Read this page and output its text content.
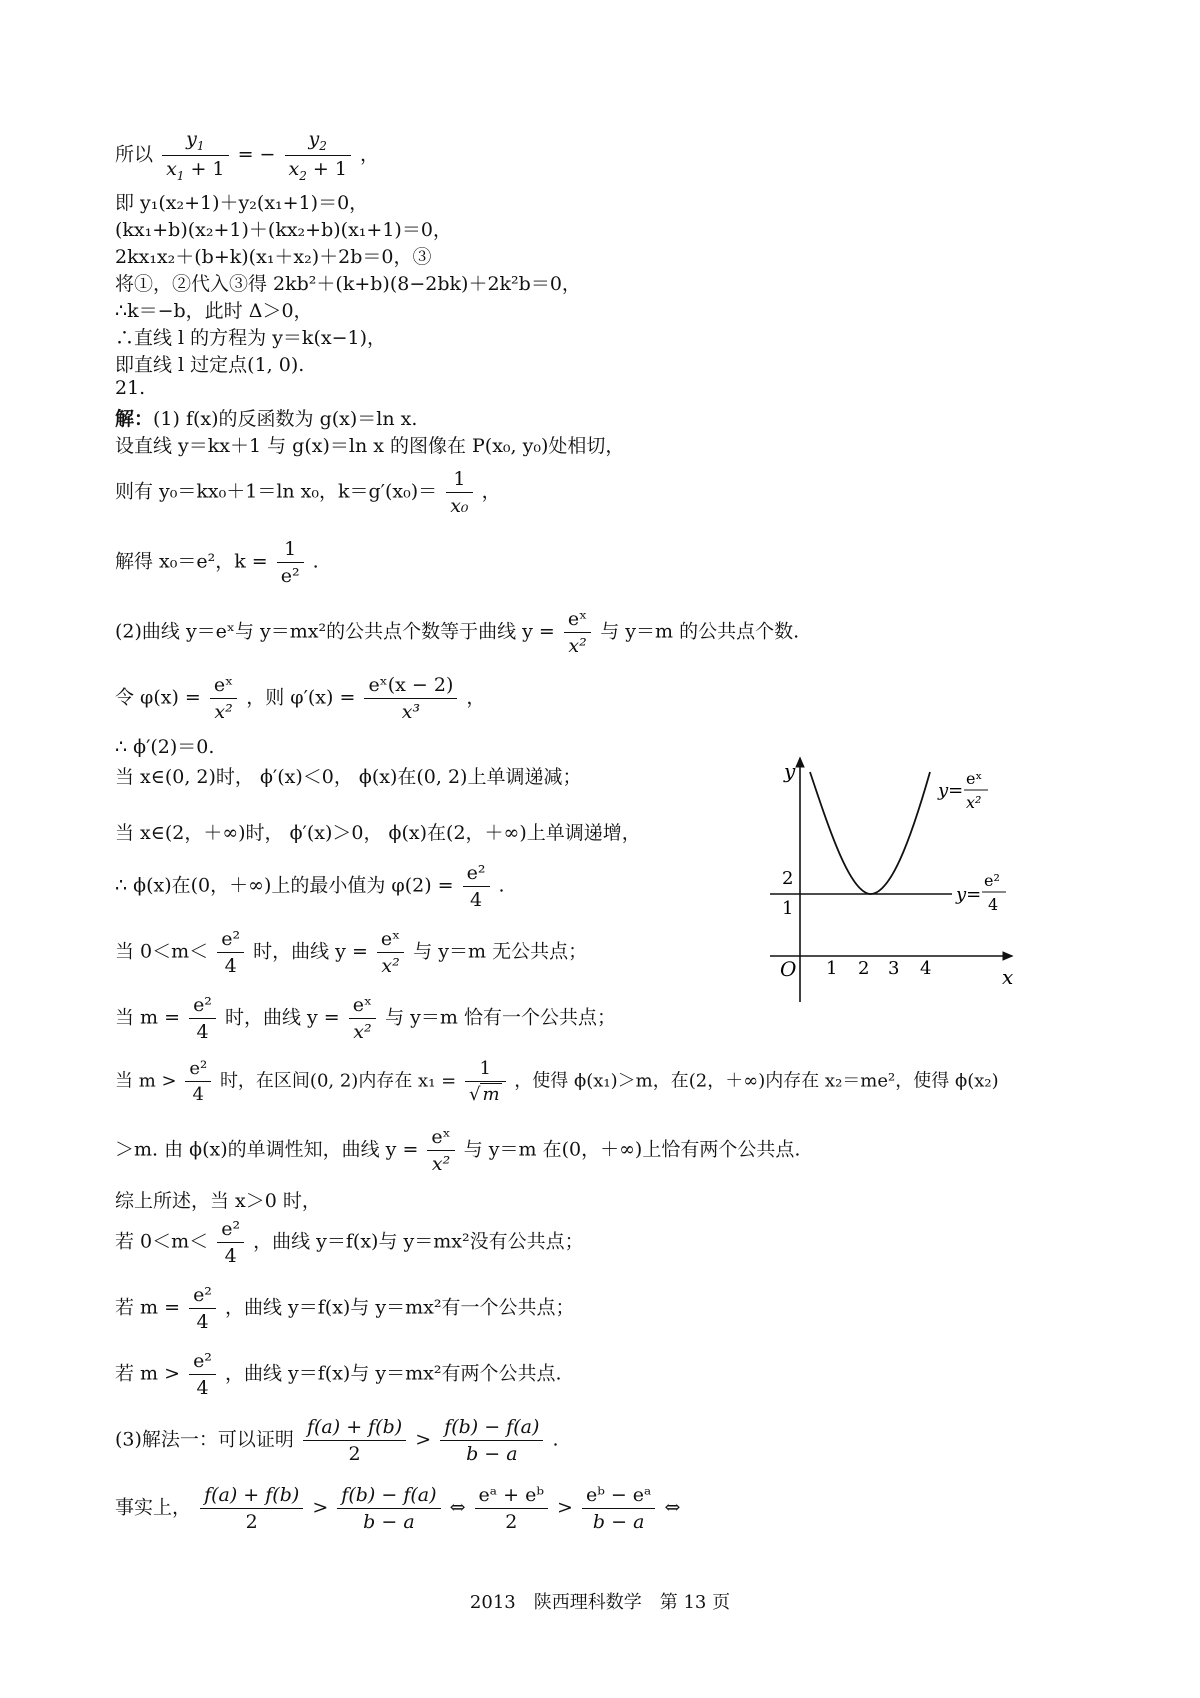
所以 $\frac{y_1}{x_1 + 1}$ = − $\frac{y_2}{x_2 + 1}$ ，
即 y₁(x₂+1)＋y₂(x₁+1)＝0，
(kx₁+b)(x₂+1)＋(kx₂+b)(x₁+1)＝0，
2kx₁x₂＋(b+k)(x₁＋x₂)＋2b＝0，③
将①，②代入③得 2kb²＋(k+b)(8−2bk)＋2k²b＝0，
∴k＝−b，此时 Δ＞0，
∴直线 l 的方程为 y＝k(x−1)，
即直线 l 过定点(1, 0).
21.
解：(1) f(x)的反函数为 g(x)＝ln x.
设直线 y＝kx＋1 与 g(x)＝ln x 的图像在 P(x₀, y₀)处相切，
则有 y₀＝kx₀＋1＝ln x₀，$k=g'(x_0)= \frac{1}{\text{x₀}}$ ，
解得 x₀＝e²，$k = \frac{1}{\text{e²}}$ .
(2)曲线 y＝eˣ与 y＝mx²的公共点个数等于曲线 $y = \frac{\text{eˣ}}{\text{x²}}$ 与 y＝m 的公共点个数.
令 $\varphi(x) = \frac{\text{eˣ}}{\text{x²}}$ ，则 $\varphi'(x) = \frac{\text{eˣ(x − 2)}}{\text{x³}}$ ，
∴ ϕ′(2)＝0.
当 x∈(0, 2)时， ϕ′(x)＜0， ϕ(x)在(0, 2)上单调递减；
当 x∈(2，＋∞)时， ϕ′(x)＞0， ϕ(x)在(2，＋∞)上单调递增，
∴ ϕ(x)在(0，＋∞)上的最小值为 $\varphi(2) = \frac{\text{e²}}{4}$ .
当 $0<m< \frac{\text{e²}}{4}$ 时，曲线 $y = \frac{\text{eˣ}}{\text{x²}}$ 与 y＝m 无公共点；
当 $m = \frac{\text{e²}}{4}$ 时，曲线 $y = \frac{\text{eˣ}}{\text{x²}}$ 与 y＝m 恰有一个公共点；
当 $m > \frac{\text{e²}}{4}$ 时，在区间(0, 2)内存在 $x_1 = \frac{1}{√ m}$ ，使得 ϕ(x₁)＞m，在(2，＋∞)内存在 x₂＝me²，使得 ϕ(x₂)
＞m. 由 ϕ(x)的单调性知，曲线 $y = \frac{\text{eˣ}}{\text{x²}}$ 与 y＝m 在(0，＋∞)上恰有两个公共点.
综上所述，当 x＞0 时，
若 $0<m< \frac{\text{e²}}{4}$ ，曲线 y＝f(x)与 y＝mx²没有公共点；
若 $m = \frac{\text{e²}}{4}$ ，曲线 y＝f(x)与 y＝mx²有一个公共点；
若 $m > \frac{\text{e²}}{4}$ ，曲线 y＝f(x)与 y＝mx²有两个公共点.
(3)解法一：可以证明 $\frac{f(a) + f(b)}{2} > \frac{f(b) - f(a)}{b - a}$ .
事实上， $\frac{f(a) + f(b)}{2} > \frac{f(b) - f(a)}{b - a}$ ⇔ $\frac{\text{eᵃ + eᵇ}}{2} > \frac{\text{eᵇ − eᵃ}}{b - a}$ ⇔
y
x
O 1 2 3 4
2
1
y=
eˣ
x²
y=
e²
4
2013　陕西理科数学　第 13 页
